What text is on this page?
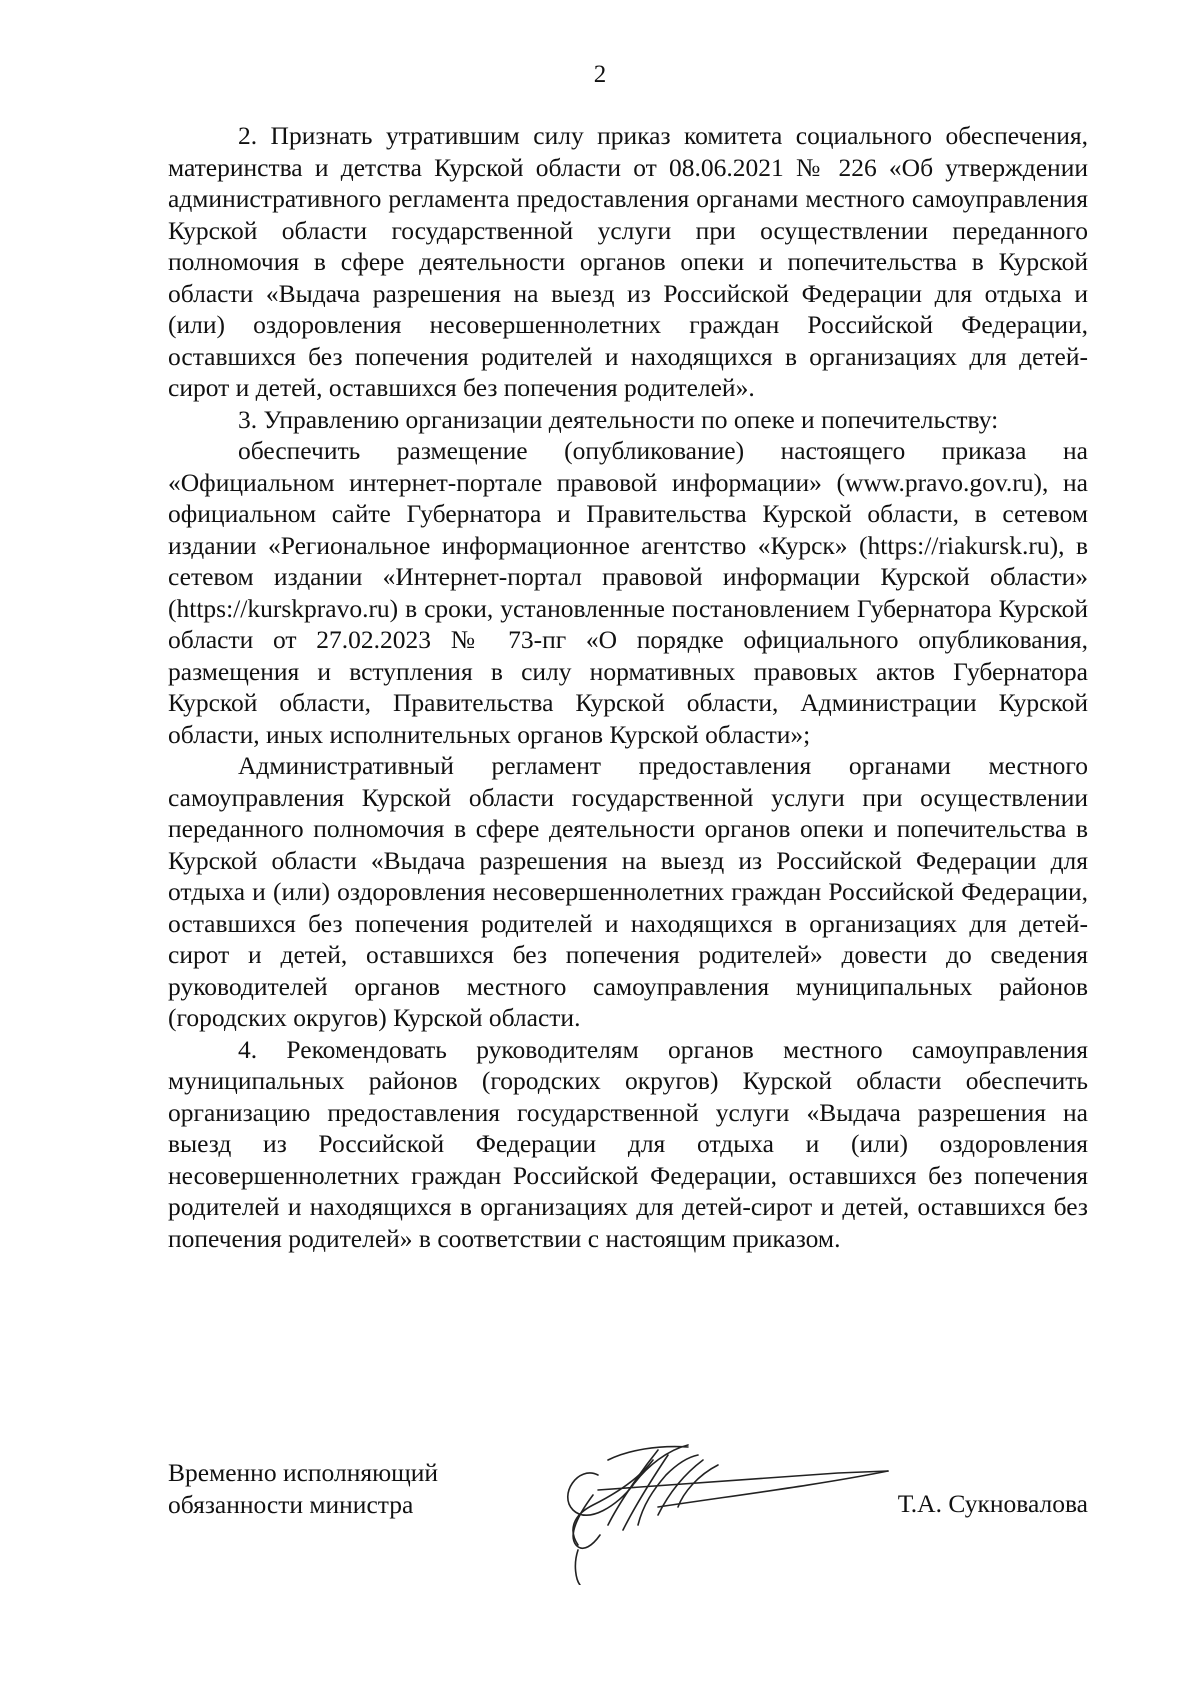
2

2. Признать утратившим силу приказ комитета социального обеспечения, материнства и детства Курской области от 08.06.2021 № 226 «Об утверждении административного регламента предоставления органами местного самоуправления Курской области государственной услуги при осуществлении переданного полномочия в сфере деятельности органов опеки и попечительства в Курской области «Выдача разрешения на выезд из Российской Федерации для отдыха и (или) оздоровления несовершеннолетних граждан Российской Федерации, оставшихся без попечения родителей и находящихся в организациях для детей-сирот и детей, оставшихся без попечения родителей».

3. Управлению организации деятельности по опеке и попечительству:

обеспечить размещение (опубликование) настоящего приказа на «Официальном интернет-портале правовой информации» (www.pravo.gov.ru), на официальном сайте Губернатора и Правительства Курской области, в сетевом издании «Региональное информационное агентство «Курск» (https://riakursk.ru), в сетевом издании «Интернет-портал правовой информации Курской области» (https://kurskpravo.ru) в сроки, установленные постановлением Губернатора Курской области от 27.02.2023 № 73-пг «О порядке официального опубликования, размещения и вступления в силу нормативных правовых актов Губернатора Курской области, Правительства Курской области, Администрации Курской области, иных исполнительных органов Курской области»;

Административный регламент предоставления органами местного самоуправления Курской области государственной услуги при осуществлении переданного полномочия в сфере деятельности органов опеки и попечительства в Курской области «Выдача разрешения на выезд из Российской Федерации для отдыха и (или) оздоровления несовершеннолетних граждан Российской Федерации, оставшихся без попечения родителей и находящихся в организациях для детей-сирот и детей, оставшихся без попечения родителей» довести до сведения руководителей органов местного самоуправления муниципальных районов (городских округов) Курской области.

4. Рекомендовать руководителям органов местного самоуправления муниципальных районов (городских округов) Курской области обеспечить организацию предоставления государственной услуги «Выдача разрешения на выезд из Российской Федерации для отдыха и (или) оздоровления несовершеннолетних граждан Российской Федерации, оставшихся без попечения родителей и находящихся в организациях для детей-сирот и детей, оставшихся без попечения родителей» в соответствии с настоящим приказом.

Временно исполняющий
обязанности министра	Т.А. Сукновалова
